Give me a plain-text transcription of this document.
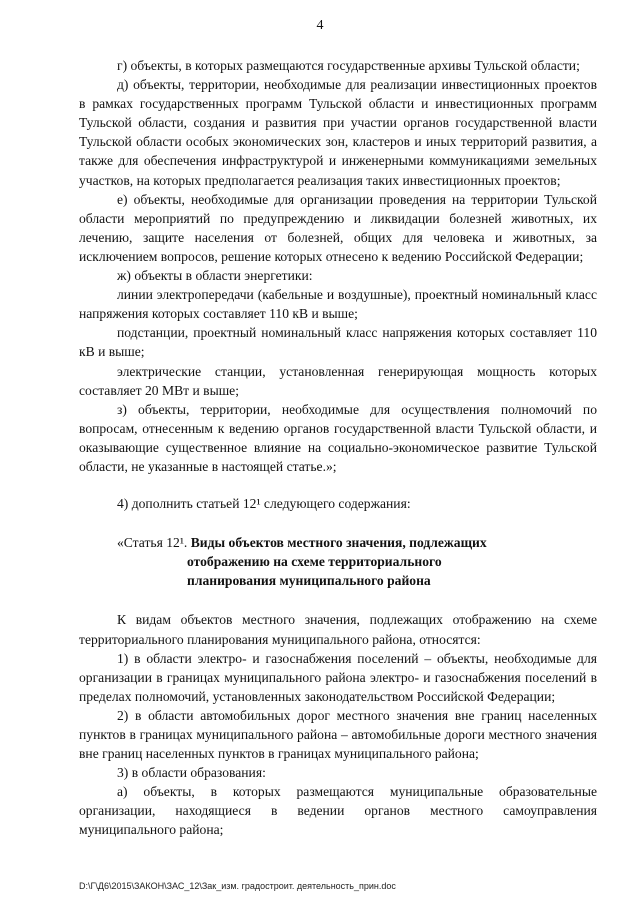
4

г) объекты, в которых размещаются государственные архивы Тульской области;

д) объекты, территории, необходимые для реализации инвестиционных проектов в рамках государственных программ Тульской области и инвестиционных программ Тульской области, создания и развития при участии органов государственной власти Тульской области особых экономических зон, кластеров и иных территорий развития, а также для обеспечения инфраструктурой и инженерными коммуникациями земельных участков, на которых предполагается реализация таких инвестиционных проектов;

е) объекты, необходимые для организации проведения на территории Тульской области мероприятий по предупреждению и ликвидации болезней животных, их лечению, защите населения от болезней, общих для человека и животных, за исключением вопросов, решение которых отнесено к ведению Российской Федерации;

ж) объекты в области энергетики:

линии электропередачи (кабельные и воздушные), проектный номинальный класс напряжения которых составляет 110 кВ и выше;

подстанции, проектный номинальный класс напряжения которых составляет 110 кВ и выше;

электрические станции, установленная генерирующая мощность которых составляет 20 МВт и выше;

з) объекты, территории, необходимые для осуществления полномочий по вопросам, отнесенным к ведению органов государственной власти Тульской области, и оказывающие существенное влияние на социально-экономическое развитие Тульской области, не указанные в настоящей статье.»;

4) дополнить статьей 12¹ следующего содержания:

«Статья 12¹. Виды объектов местного значения, подлежащих
отображению на схеме территориального
планирования муниципального района

К видам объектов местного значения, подлежащих отображению на схеме территориального планирования муниципального района, относятся:

1) в области электро- и газоснабжения поселений – объекты, необходимые для организации в границах муниципального района электро- и газоснабжения поселений в пределах полномочий, установленных законодательством Российской Федерации;

2) в области автомобильных дорог местного значения вне границ населенных пунктов в границах муниципального района – автомобильные дороги местного значения вне границ населенных пунктов в границах муниципального района;

3) в области образования:

а) объекты, в которых размещаются муниципальные образовательные организации, находящиеся в ведении органов местного самоуправления муниципального района;

D:\Г\Д6\2015\ЗАКОН\ЗАС_12\Зак_изм. градостроит. деятельность_прин.doc
